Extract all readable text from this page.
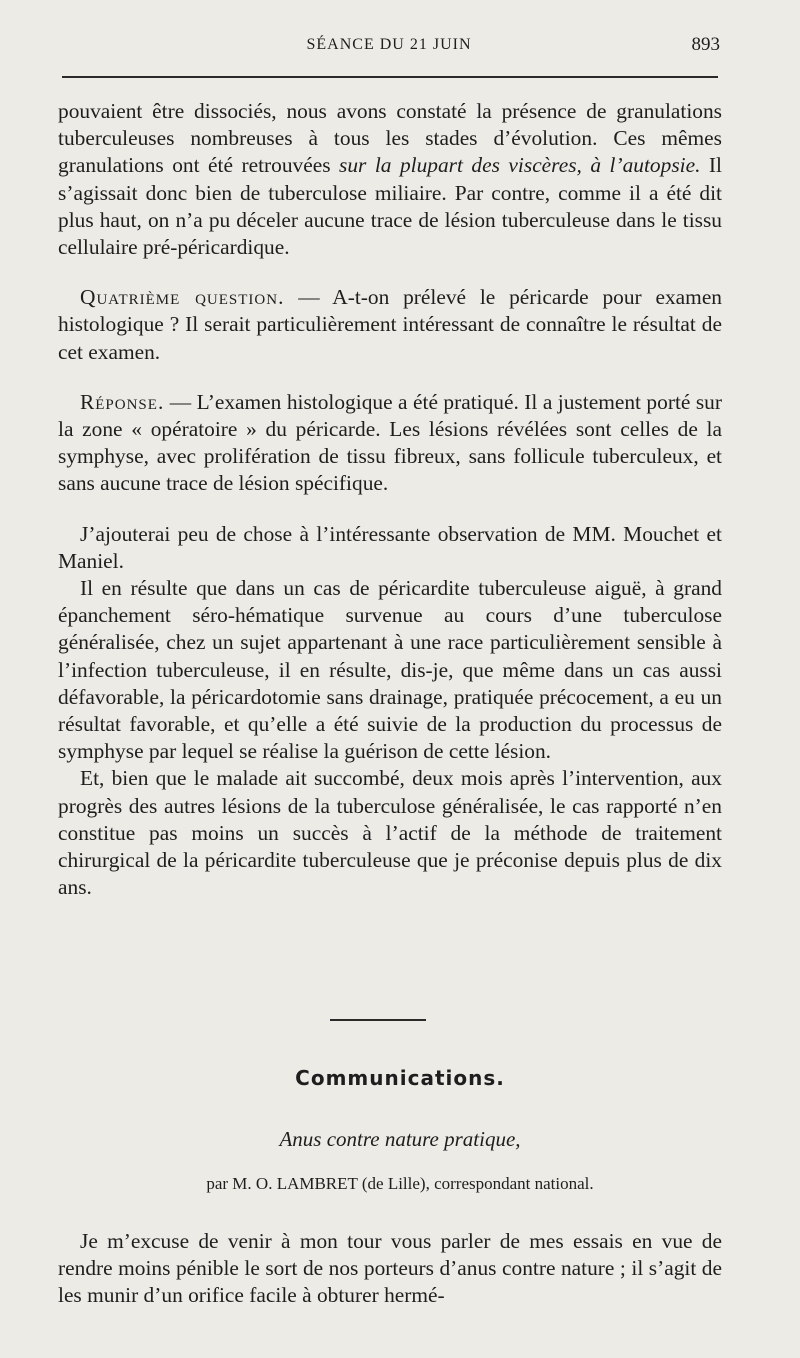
SÉANCE DU 21 JUIN	893

pouvaient être dissociés, nous avons constaté la présence de granulations tuberculeuses nombreuses à tous les stades d’évolution. Ces mêmes granulations ont été retrouvées sur la plupart des viscères, à l’autopsie. Il s’agissait donc bien de tuberculose miliaire. Par contre, comme il a été dit plus haut, on n’a pu déceler aucune trace de lésion tuberculeuse dans le tissu cellulaire pré-péricardique.

Quatrième question. — A-t-on prélevé le péricarde pour examen histologique ? Il serait particulièrement intéressant de connaître le résultat de cet examen.

Réponse. — L’examen histologique a été pratiqué. Il a justement porté sur la zone « opératoire » du péricarde. Les lésions révélées sont celles de la symphyse, avec prolifération de tissu fibreux, sans follicule tuberculeux, et sans aucune trace de lésion spécifique.

J’ajouterai peu de chose à l’intéressante observation de MM. Mouchet et Maniel.

Il en résulte que dans un cas de péricardite tuberculeuse aiguë, à grand épanchement séro-hématique survenue au cours d’une tuberculose généralisée, chez un sujet appartenant à une race particulièrement sensible à l’infection tuberculeuse, il en résulte, dis-je, que même dans un cas aussi défavorable, la péricardotomie sans drainage, pratiquée précocement, a eu un résultat favorable, et qu’elle a été suivie de la production du processus de symphyse par lequel se réalise la guérison de cette lésion.

Et, bien que le malade ait succombé, deux mois après l’intervention, aux progrès des autres lésions de la tuberculose généralisée, le cas rapporté n’en constitue pas moins un succès à l’actif de la méthode de traitement chirurgical de la péricardite tuberculeuse que je préconise depuis plus de dix ans.

Communications.
Anus contre nature pratique,
par M. O. LAMBRET (de Lille), correspondant national.

Je m’excuse de venir à mon tour vous parler de mes essais en vue de rendre moins pénible le sort de nos porteurs d’anus contre nature ; il s’agit de les munir d’un orifice facile à obturer hermé-
